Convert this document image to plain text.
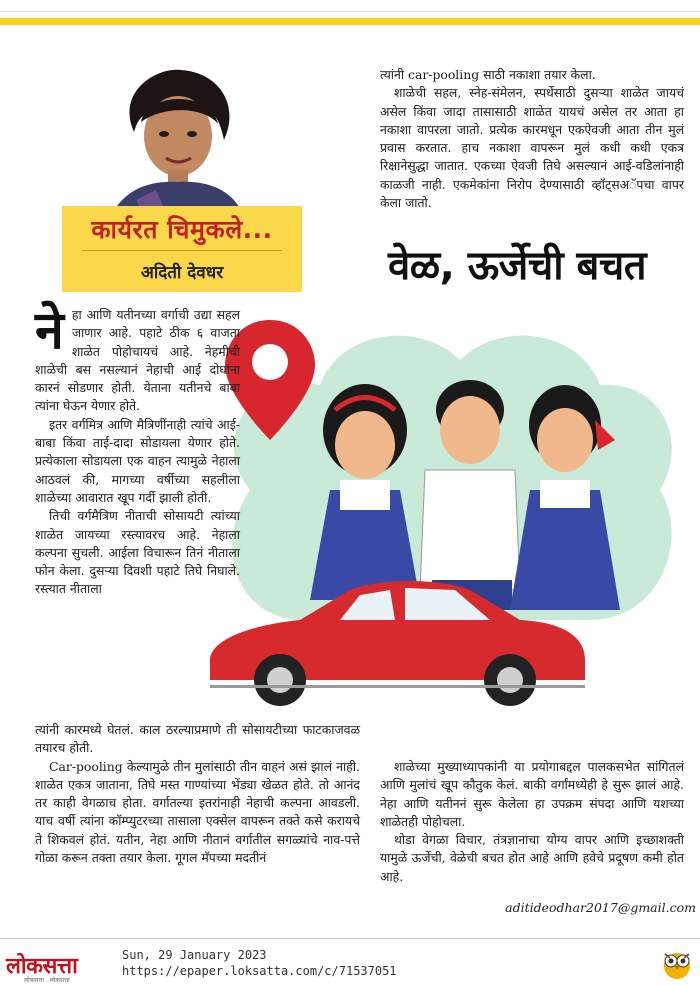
कार्यरत चिमुकले...
अदिती देवधर	वेळ, ऊर्जेची बचत

त्यांनी car-pooling साठी नकाशा तयार केला.

शाळेची सहल, स्नेह-संमेलन, स्पर्धेसाठी दुसऱ्या शाळेत जायचं असेल किंवा जादा तासासाठी शाळेत यायचं असेल तर आता हा नकाशा वापरला जातो. प्रत्येक कारमधून एकऐवजी आता तीन मुलं प्रवास करतात. हाच नकाशा वापरून मुलं कधी कधी एकत्र रिक्षानेसुद्धा जातात. एकच्या ऐवजी तिघे असल्यानं आई-वडिलांनाही काळजी नाही. एकमेकांना निरोप देण्यासाठी व्हॉट्सअॅपचा वापर केला जातो.

ने हा आणि यतीनच्या वर्गाची उद्या सहल जाणार आहे. पहाटे ठीक ६ वाजता शाळेत पोहोचायचं आहे. नेहमीची शाळेची बस नसल्यानं नेहाची आई दोघांना कारनं सोडणार होती. येताना यतीनचे बाबा त्यांना घेऊन येणार होते.

इतर वर्गमित्र आणि मैत्रिणींनाही त्यांचे आई-बाबा किंवा ताई-दादा सोडायला येणार होते. प्रत्येकाला सोडायला एक वाहन त्यामुळे नेहाला आठवलं की, मागच्या वर्षीच्या सहलीला शाळेच्या आवारात खूप गर्दी झाली होती.

तिची वर्गमैत्रिण नीताची सोसायटी त्यांच्या शाळेत जायच्या रस्त्यावरच आहे. नेहाला कल्पना सुचली. आईला विचारून तिनं नीताला फोन केला. दुसऱ्या दिवशी पहाटे तिघे निघाले. रस्त्यात नीताला

त्यांनी कारमध्ये घेतलं. काल ठरल्याप्रमाणे ती सोसायटीच्या फाटकाजवळ तयारच होती.

Car-pooling केल्यामुळे तीन मुलांसाठी तीन वाहनं असं झालं नाही. शाळेत एकत्र जाताना, तिघे मस्त गाण्यांच्या भेंड्या खेळत होते. तो आनंद तर काही वेगळाच होता. वर्गातल्या इतरांनाही नेहाची कल्पना आवडली. याच वर्षी त्यांना कॉम्प्युटरच्या तासाला एक्सेल वापरून तक्ते कसे करायचे ते शिकवलं होतं. यतीन, नेहा आणि नीतानं वर्गातील सगळ्यांचे नाव-पत्ते गोळा करून तक्ता तयार केला. गूगल मॅपच्या मदतीनं

शाळेच्या मुख्याध्यापकांनी या प्रयोगाबद्दल पालकसभेत सांगितलं आणि मुलांचं खूप कौतुक केलं. बाकी वर्गांमध्येही हे सुरू झालं आहे. नेहा आणि यतीननं सुरू केलेला हा उपक्रम संपदा आणि यशच्या शाळेतही पोहोचला.

थोडा वेगळा विचार, तंत्रज्ञानाचा योग्य वापर आणि इच्छाशक्ती यामुळे ऊर्जेची, वेळेची बचत होत आहे आणि हवेचे प्रदूषण कमी होत आहे.

aditideodhar2017@gmail.com
लोकसत्ता
लोकसत्ता . लोकसत्ता
Sun, 29 January 2023
https://epaper.loksatta.com/c/71537051
